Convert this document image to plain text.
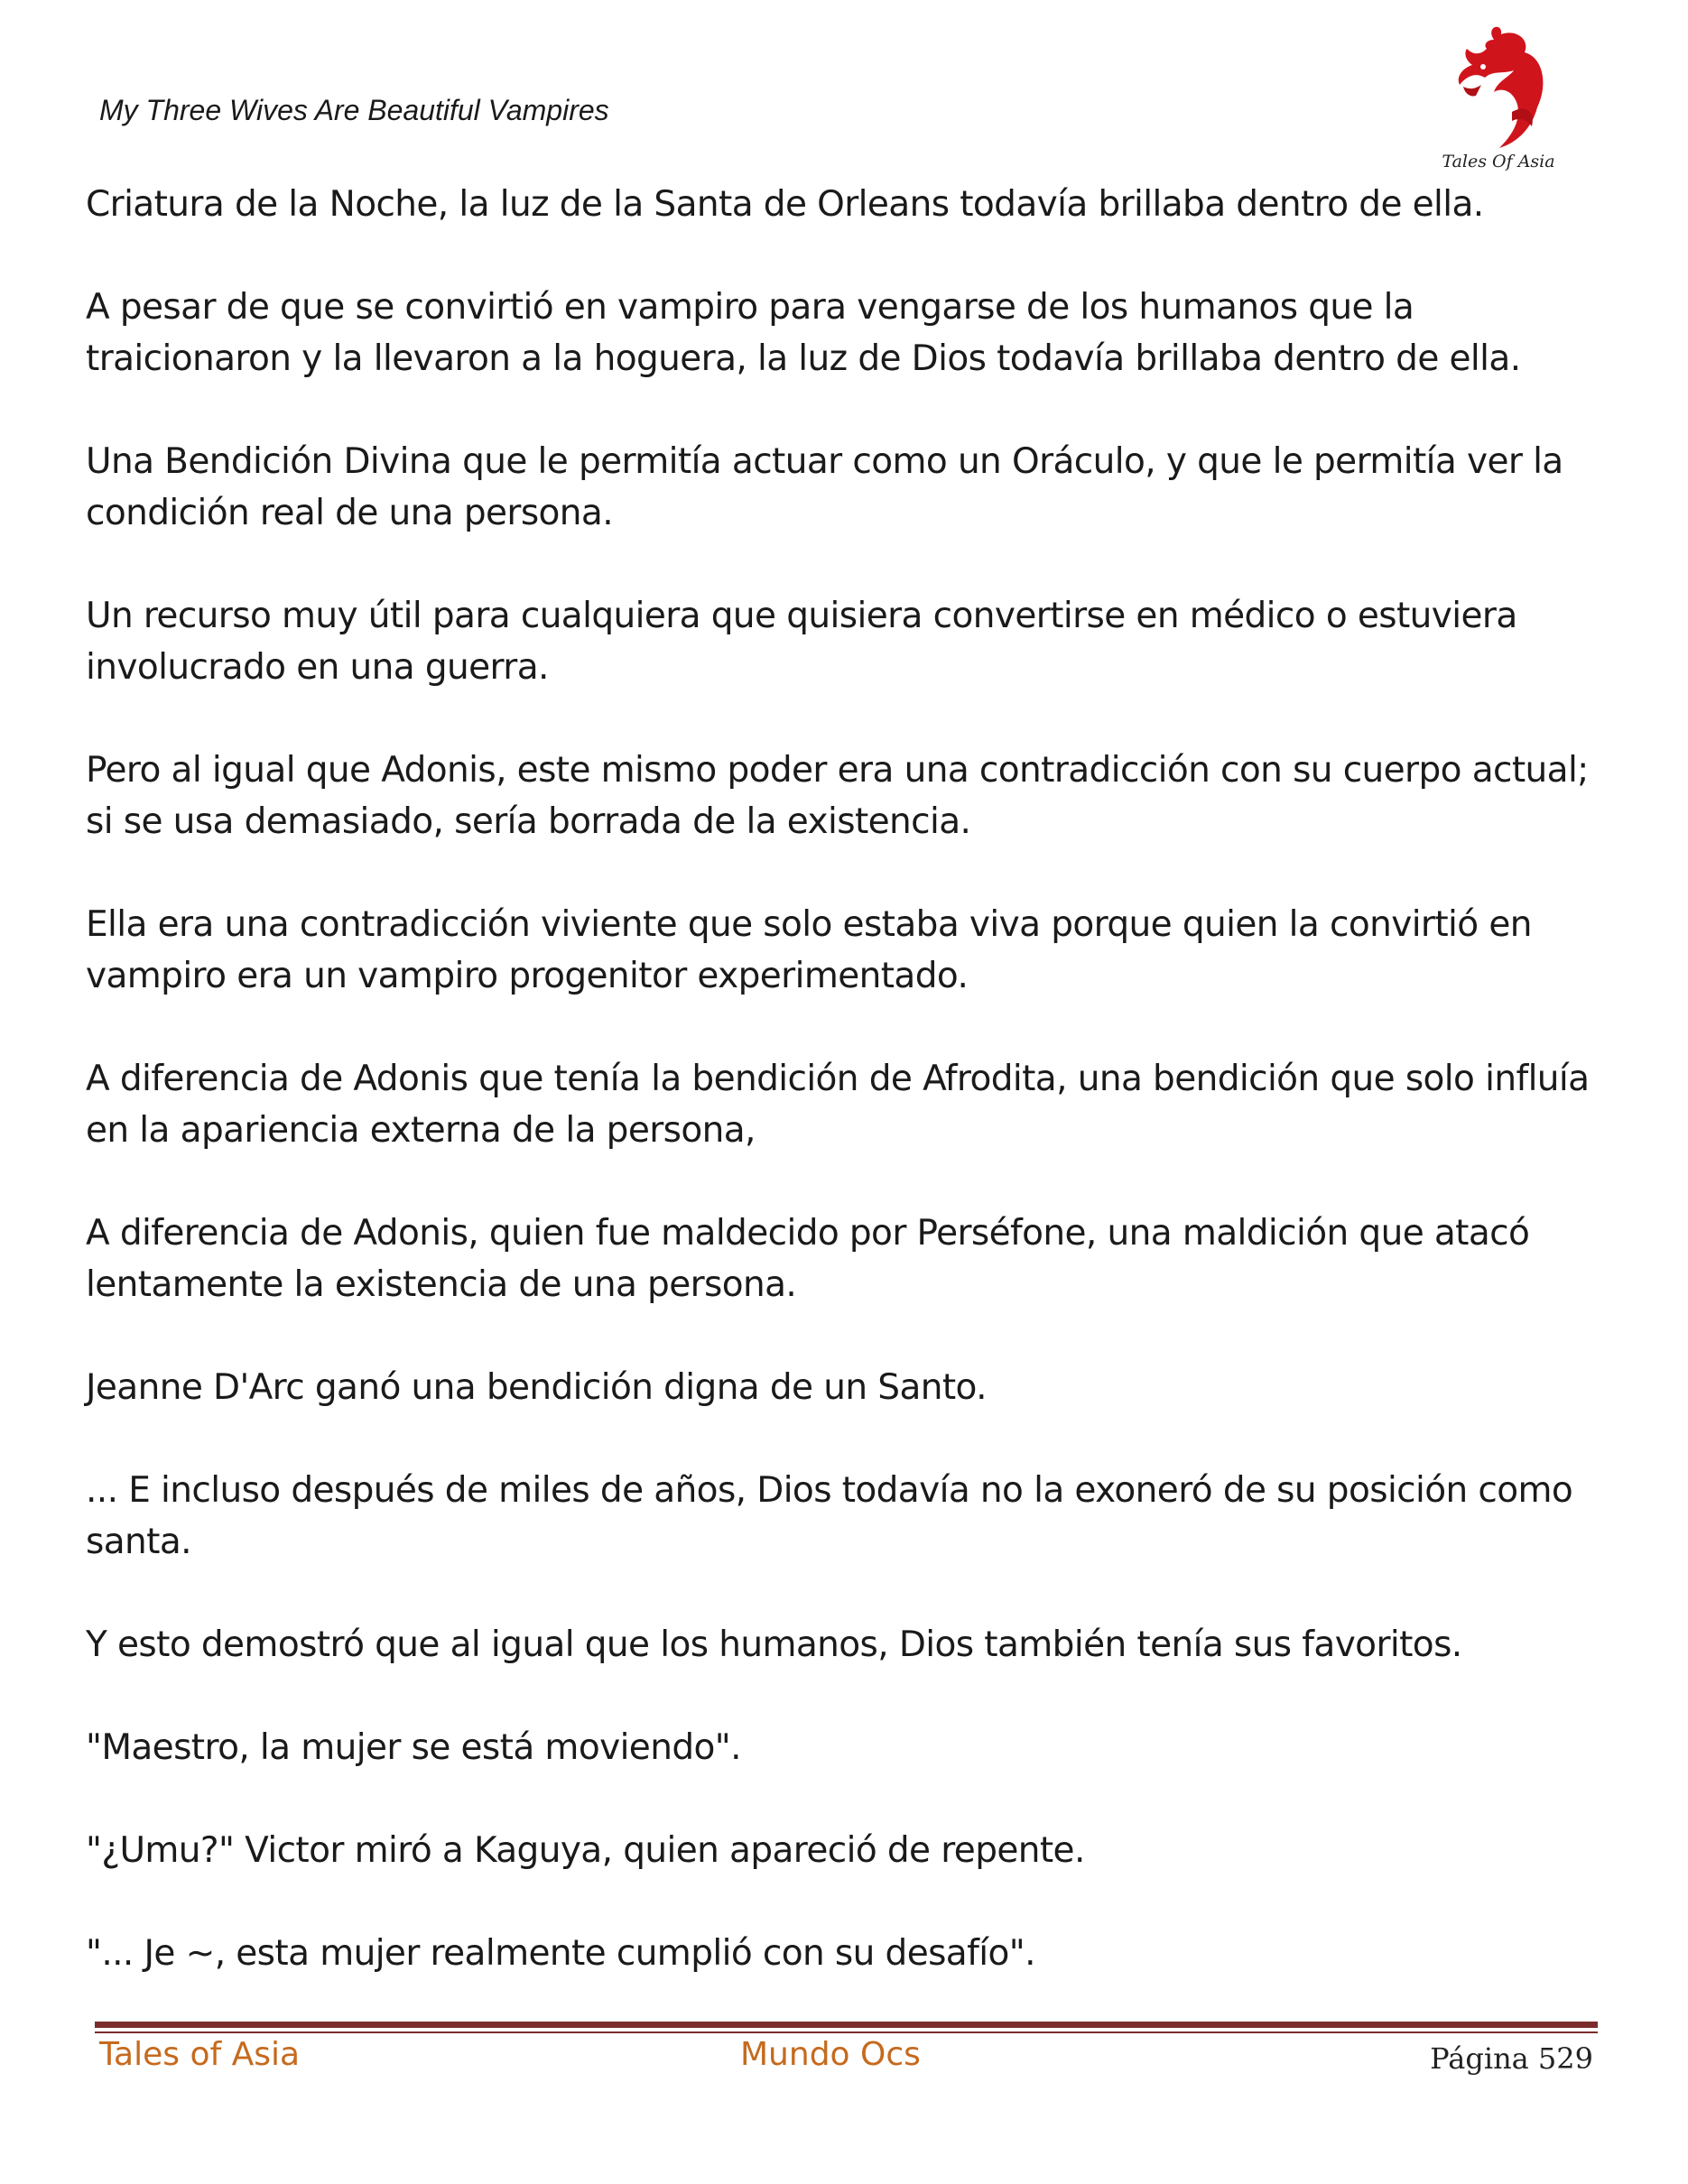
My Three Wives Are Beautiful Vampires
Tales Of Asia

Criatura de la Noche, la luz de la Santa de Orleans todavía brillaba dentro de ella.

A pesar de que se convirtió en vampiro para vengarse de los humanos que la traicionaron y la llevaron a la hoguera, la luz de Dios todavía brillaba dentro de ella.

Una Bendición Divina que le permitía actuar como un Oráculo, y que le permitía ver la condición real de una persona.

Un recurso muy útil para cualquiera que quisiera convertirse en médico o estuviera involucrado en una guerra.

Pero al igual que Adonis, este mismo poder era una contradicción con su cuerpo actual; si se usa demasiado, sería borrada de la existencia.

Ella era una contradicción viviente que solo estaba viva porque quien la convirtió en vampiro era un vampiro progenitor experimentado.

A diferencia de Adonis que tenía la bendición de Afrodita, una bendición que solo influía en la apariencia externa de la persona,

A diferencia de Adonis, quien fue maldecido por Perséfone, una maldición que atacó lentamente la existencia de una persona.

Jeanne D'Arc ganó una bendición digna de un Santo.

... E incluso después de miles de años, Dios todavía no la exoneró de su posición como santa.

Y esto demostró que al igual que los humanos, Dios también tenía sus favoritos.

"Maestro, la mujer se está moviendo".

"¿Umu?" Victor miró a Kaguya, quien apareció de repente.

"... Je ~, esta mujer realmente cumplió con su desafío".

Tales of Asia	Mundo Ocs	Página 529
